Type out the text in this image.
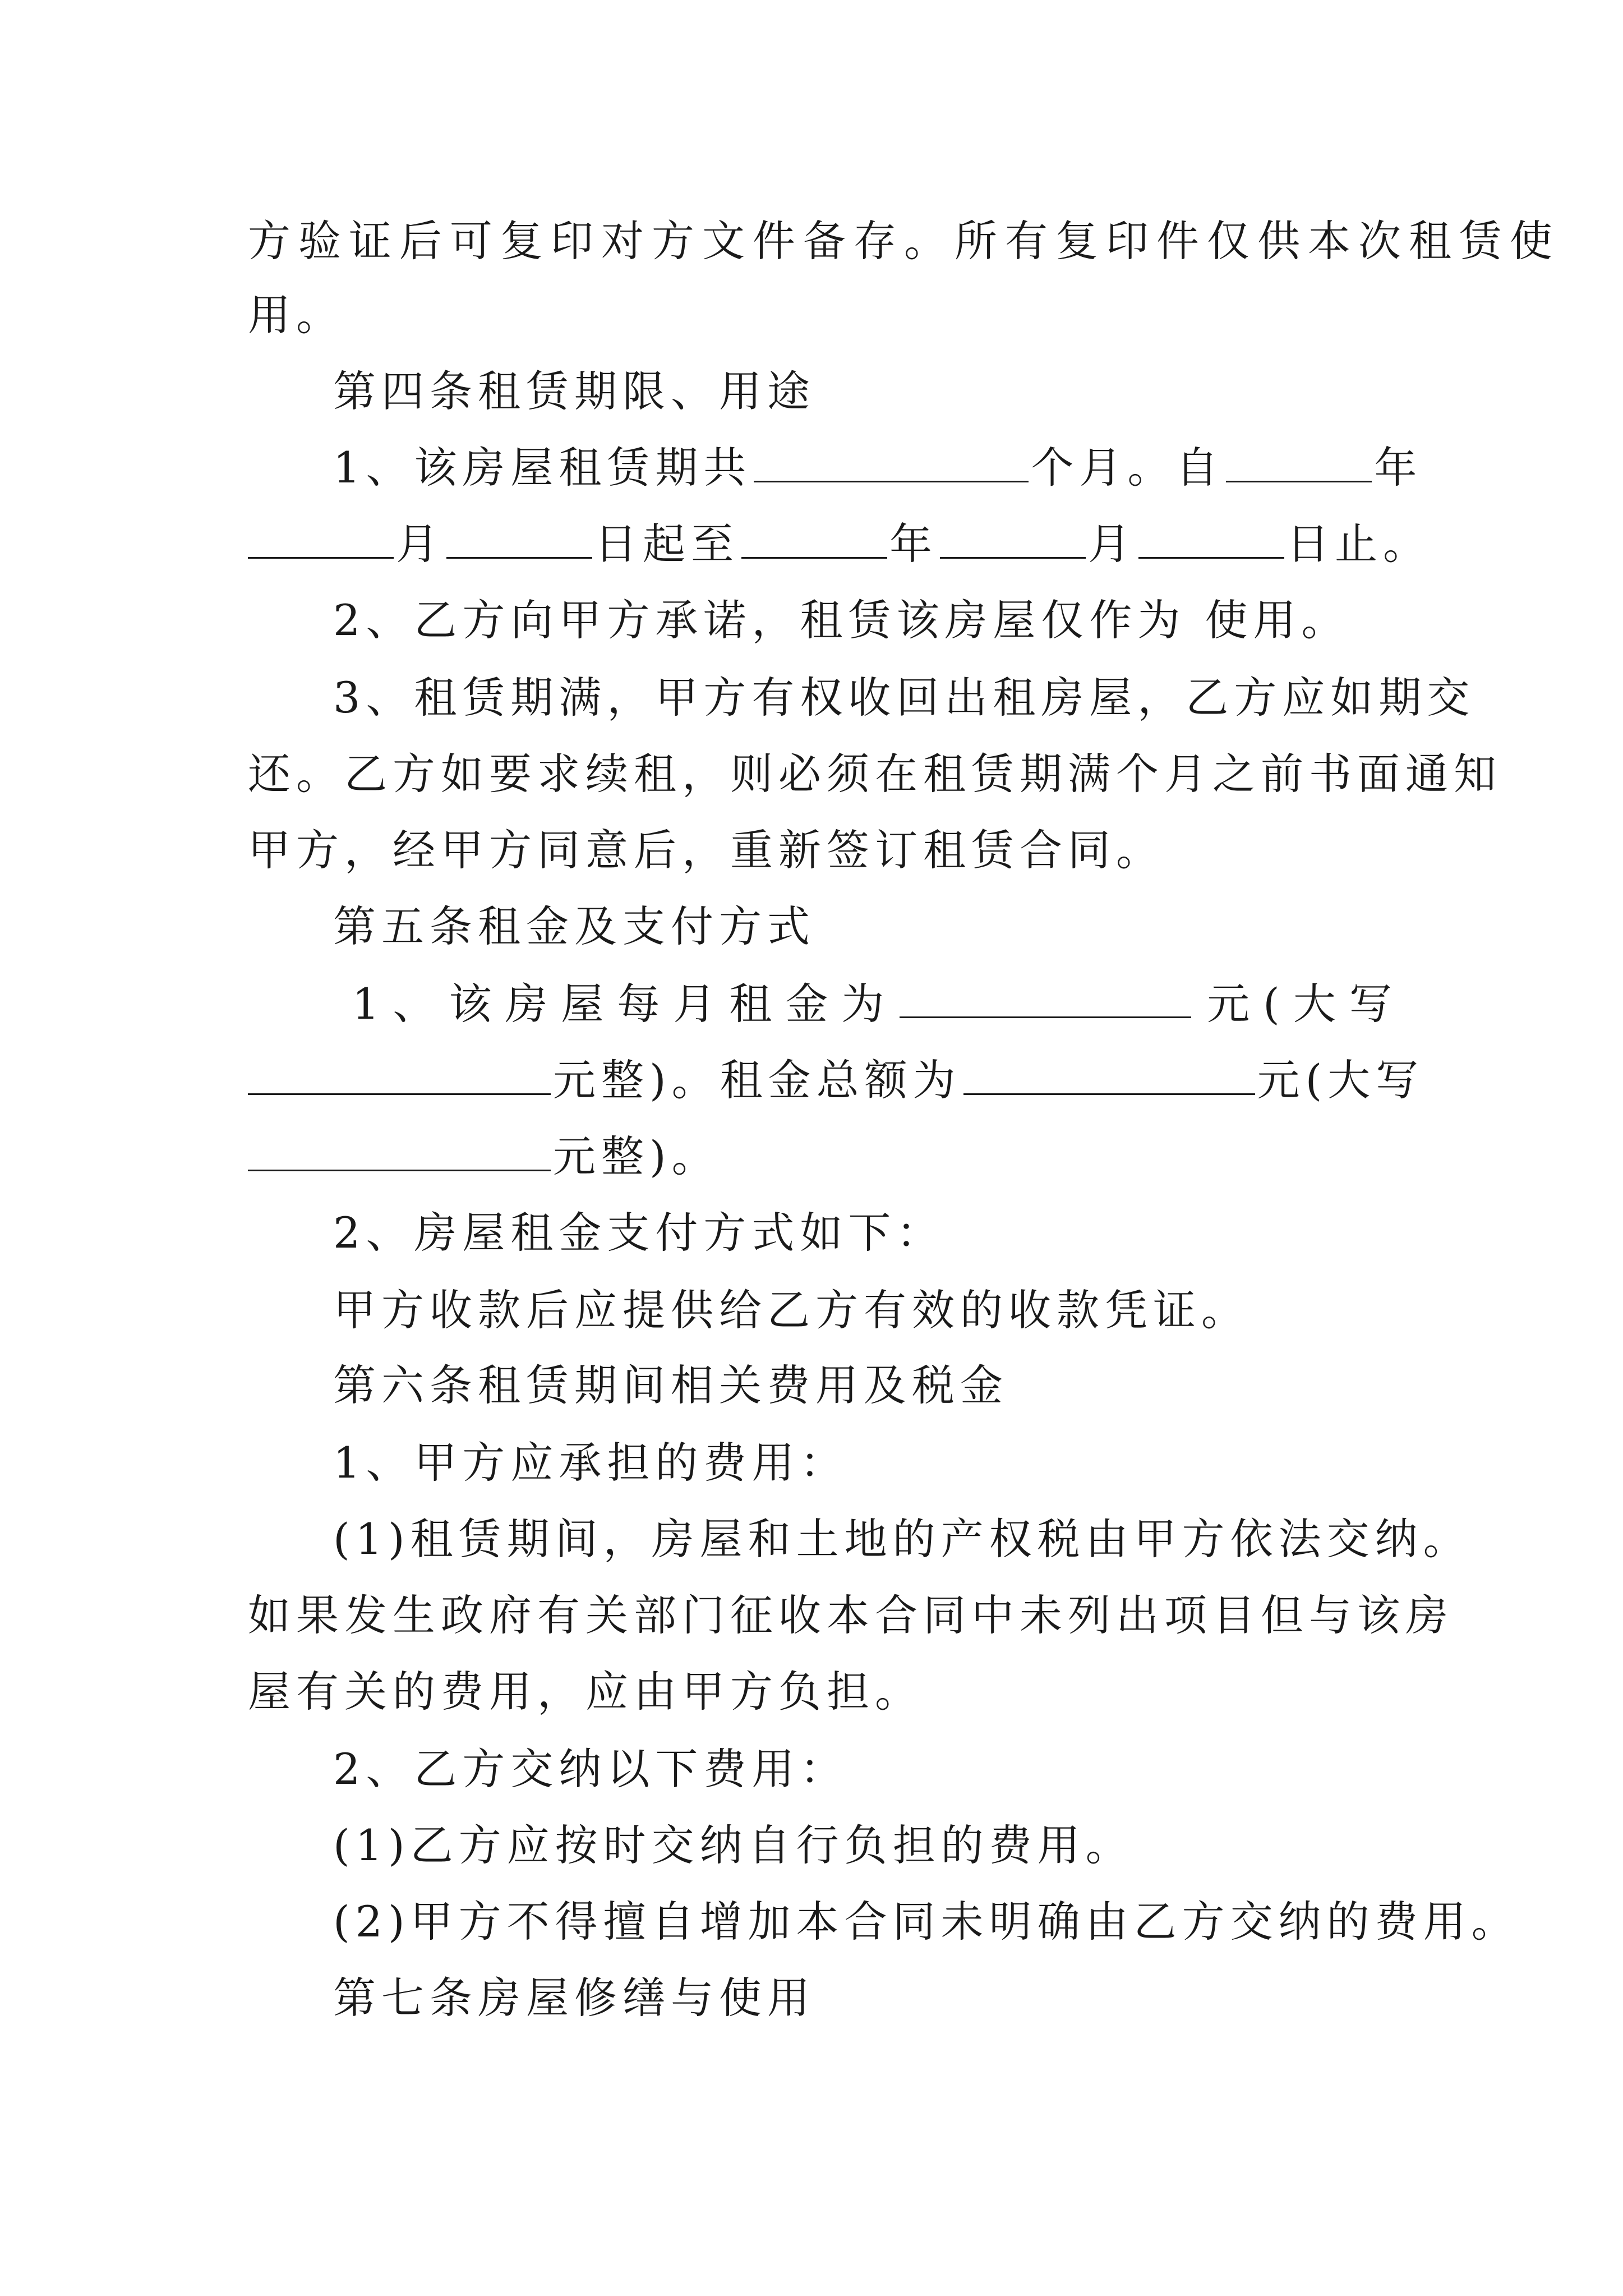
方验证后可复印对方文件备存。所有复印件仅供本次租赁使
用。
第四条租赁期限、用途
1、该房屋租赁期共	个月。自	年
月	日起至	年	月	日止。
2、乙方向甲方承诺，租赁该房屋仅作为 使用。
3、租赁期满，甲方有权收回出租房屋，乙方应如期交
还。乙方如要求续租，则必须在租赁期满个月之前书面通知
甲方，经甲方同意后，重新签订租赁合同。
第五条租金及支付方式
1 、 该 房 屋 每 月 租 金 为	元 ( 大 写
元整)。租金总额为	元(大写
元整)。
2、房屋租金支付方式如下：
甲方收款后应提供给乙方有效的收款凭证。
第六条租赁期间相关费用及税金
1、甲方应承担的费用：
(1)租赁期间，房屋和土地的产权税由甲方依法交纳。
如果发生政府有关部门征收本合同中未列出项目但与该房
屋有关的费用，应由甲方负担。
2、乙方交纳以下费用：
(1)乙方应按时交纳自行负担的费用。
(2)甲方不得擅自增加本合同未明确由乙方交纳的费用。
第七条房屋修缮与使用
